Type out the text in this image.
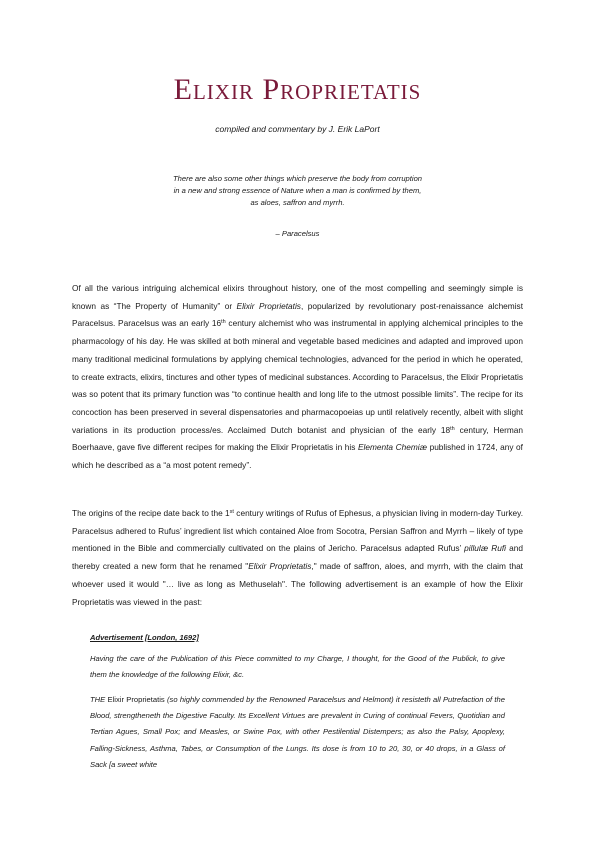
Elixir Proprietatis

compiled and commentary by J. Erik LaPort

There are also some other things which preserve the body from corruption
in a new and strong essence of Nature when a man is confirmed by them,
as aloes, saffron and myrrh.

– Paracelsus

Of all the various intriguing alchemical elixirs throughout history, one of the most compelling and seemingly simple is known as “The Property of Humanity” or Elixir Proprietatis, popularized by revolutionary post-renaissance alchemist Paracelsus. Paracelsus was an early 16th century alchemist who was instrumental in applying alchemical principles to the pharmacology of his day. He was skilled at both mineral and vegetable based medicines and adapted and improved upon many traditional medicinal formulations by applying chemical technologies, advanced for the period in which he operated, to create extracts, elixirs, tinctures and other types of medicinal substances. According to Paracelsus, the Elixir Proprietatis was so potent that its primary function was “to continue health and long life to the utmost possible limits”. The recipe for its concoction has been preserved in several dispensatories and pharmacopoeias up until relatively recently, albeit with slight variations in its production process/es. Acclaimed Dutch botanist and physician of the early 18th century, Herman Boerhaave, gave five different recipes for making the Elixir Proprietatis in his Elementa Chemiæ published in 1724, any of which he described as a “a most potent remedy”.

The origins of the recipe date back to the 1st century writings of Rufus of Ephesus, a physician living in modern-day Turkey. Paracelsus adhered to Rufus’ ingredient list which contained Aloe from Socotra, Persian Saffron and Myrrh – likely of type mentioned in the Bible and commercially cultivated on the plains of Jericho. Paracelsus adapted Rufus’ pillulæ Rufi and thereby created a new form that he renamed "Elixir Proprietatis," made of saffron, aloes, and myrrh, with the claim that whoever used it would "… live as long as Methuselah". The following advertisement is an example of how the Elixir Proprietatis was viewed in the past:

Advertisement [London, 1692]

Having the care of the Publication of this Piece committed to my Charge, I thought, for the Good of the Publick, to give them the knowledge of the following Elixir, &c.

THE Elixir Proprietatis (so highly commended by the Renowned Paracelsus and Helmont) it resisteth all Putrefaction of the Blood, strengtheneth the Digestive Faculty. Its Excellent Virtues are prevalent in Curing of continual Fevers, Quotidian and Tertian Agues, Small Pox; and Measles, or Swine Pox, with other Pestilential Distempers; as also the Palsy, Apoplexy, Falling-Sickness, Asthma, Tabes, or Consumption of the Lungs. Its dose is from 10 to 20, 30, or 40 drops, in a Glass of Sack [a sweet white
